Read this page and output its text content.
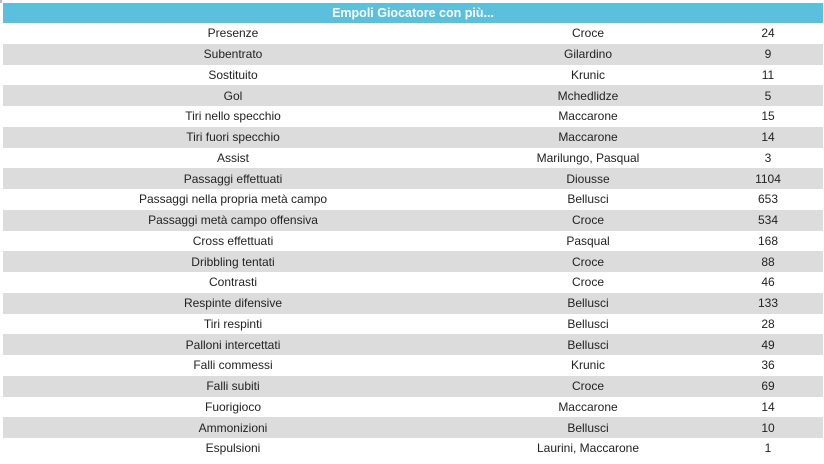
Empoli Giocatore con più...		
Presenze	Croce	24
Subentrato	Gilardino	9
Sostituito	Krunic	11
Gol	Mchedlidze	5
Tiri nello specchio	Maccarone	15
Tiri fuori specchio	Maccarone	14
Assist	Marilungo, Pasqual	3
Passaggi effettuati	Diousse	1104
Passaggi nella propria metà campo	Bellusci	653
Passaggi metà campo offensiva	Croce	534
Cross effettuati	Pasqual	168
Dribbling tentati	Croce	88
Contrasti	Croce	46
Respinte difensive	Bellusci	133
Tiri respinti	Bellusci	28
Palloni intercettati	Bellusci	49
Falli commessi	Krunic	36
Falli subiti	Croce	69
Fuorigioco	Maccarone	14
Ammonizioni	Bellusci	10
Espulsioni	Laurini, Maccarone	1
